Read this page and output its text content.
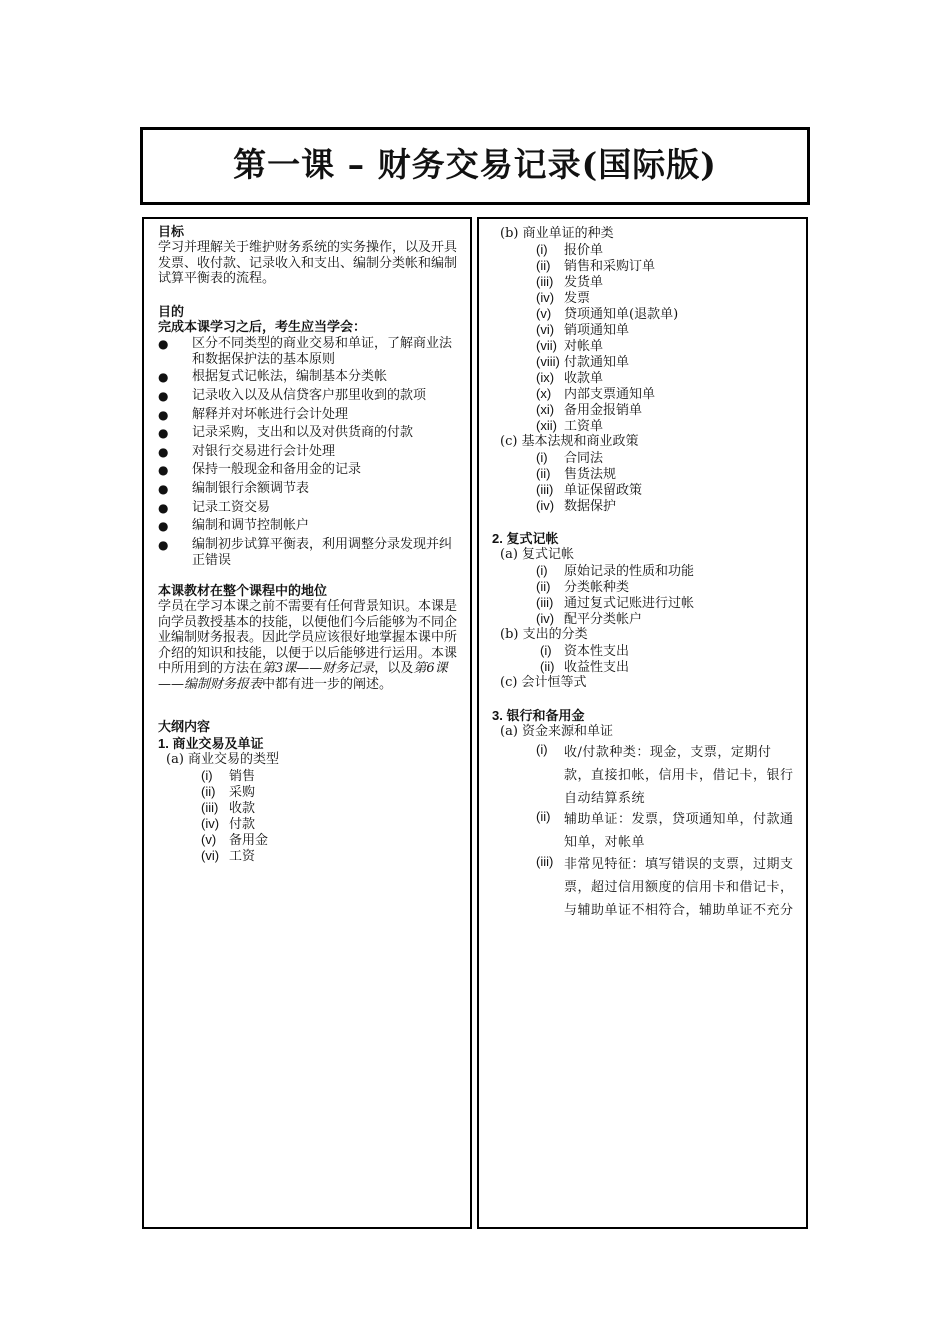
第一课 – 财务交易记录(国际版)
目标
学习并理解关于维护财务系统的实务操作，以及开具发票、收付款、记录收入和支出、编制分类帐和编制试算平衡表的流程。
目的
完成本课学习之后，考生应当学会：
● 区分不同类型的商业交易和单证，了解商业法和数据保护法的基本原则
● 根据复式记帐法，编制基本分类帐
● 记录收入以及从信贷客户那里收到的款项
● 解释并对坏帐进行会计处理
● 记录采购，支出和以及对供货商的付款
● 对银行交易进行会计处理
● 保持一般现金和备用金的记录
● 编制银行余额调节表
● 记录工资交易
● 编制和调节控制帐户
● 编制初步试算平衡表，利用调整分录发现并纠正错误
本课教材在整个课程中的地位
学员在学习本课之前不需要有任何背景知识。本课是向学员教授基本的技能，以便他们今后能够为不同企业编制财务报表。因此学员应该很好地掌握本课中所介绍的知识和技能，以便于以后能够进行运用。本课中所用到的方法在第3课——财务记录，以及第6课——编制财务报表中都有进一步的阐述。
大纲内容
1. 商业交易及单证
(a) 商业交易的类型
(i) 销售
(ii) 采购
(iii) 收款
(iv) 付款
(v) 备用金
(vi) 工资
(b) 商业单证的种类
(i) 报价单
(ii) 销售和采购订单
(iii) 发货单
(iv) 发票
(v) 贷项通知单(退款单)
(vi) 销项通知单
(vii) 对帐单
(viii) 付款通知单
(ix) 收款单
(x) 内部支票通知单
(xi) 备用金报销单
(xii) 工资单
(c) 基本法规和商业政策
(i) 合同法
(ii) 售货法规
(iii) 单证保留政策
(iv) 数据保护
2. 复式记帐
(a) 复式记帐
(i) 原始记录的性质和功能
(ii) 分类帐种类
(iii) 通过复式记账进行过帐
(iv) 配平分类帐户
(b) 支出的分类
(i) 资本性支出
(ii) 收益性支出
(c) 会计恒等式
3. 银行和备用金
(a) 资金来源和单证
(i) 收/付款种类：现金，支票，定期付款，直接扣帐，信用卡，借记卡，银行自动结算系统
(ii) 辅助单证：发票，贷项通知单，付款通知单，对帐单
(iii) 非常见特征：填写错误的支票，过期支票，超过信用额度的信用卡和借记卡，与辅助单证不相符合，辅助单证不充分
